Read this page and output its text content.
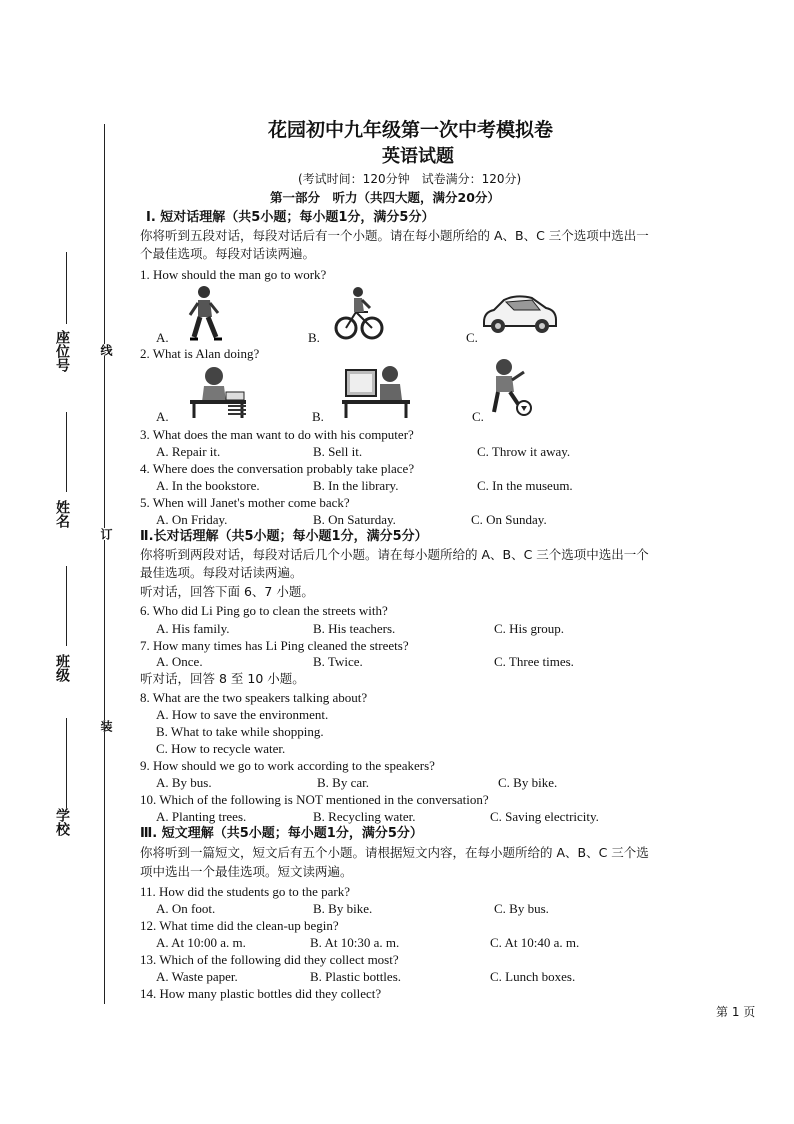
座位号
姓名
班级
学校
线
订
装
花园初中九年级第一次中考模拟卷
英语试题
(考试时间：120分钟　试卷满分：120分)
第一部分　听力（共四大题，满分20分）
Ⅰ. 短对话理解（共5小题；每小题1分，满分5分）
你将听到五段对话，每段对话后有一个小题。请在每小题所给的 A、B、C 三个选项中选出一
个最佳选项。每段对话读两遍。
1. How should the man go to work?
A.	B.	C.
2. What is Alan doing?
A.	B.	C.
3. What does the man want to do with his computer?
A. Repair it.	B. Sell it.	C. Throw it away.
4. Where does the conversation probably take place?
A. In the bookstore.	B. In the library.	C. In the museum.
5. When will Janet's mother come back?
A. On Friday.	B. On Saturday.	C. On Sunday.
Ⅱ.长对话理解（共5小题；每小题1分，满分5分）
你将听到两段对话，每段对话后几个小题。请在每小题所给的 A、B、C 三个选项中选出一个
最佳选项。每段对话读两遍。
听对话，回答下面 6、7 小题。
6. Who did Li Ping go to clean the streets with?
A. His family.	B. His teachers.	C. His group.
7. How many times has Li Ping cleaned the streets?
A. Once.	B. Twice.	C. Three times.
听对话，回答 8 至 10 小题。
8. What are the two speakers talking about?
A. How to save the environment.
B. What to take while shopping.
C. How to recycle water.
9. How should we go to work according to the speakers?
A. By bus.	B. By car.	C. By bike.
10. Which of the following is NOT mentioned in the conversation?
A. Planting trees.	B. Recycling water.	C. Saving electricity.
Ⅲ. 短文理解（共5小题；每小题1分，满分5分）
你将听到一篇短文，短文后有五个小题。请根据短文内容，在每小题所给的 A、B、C 三个选
项中选出一个最佳选项。短文读两遍。
11. How did the students go to the park?
A. On foot.	B. By bike.	C. By bus.
12. What time did the clean-up begin?
A. At 10:00 a. m.	B. At 10:30 a. m.	C. At 10:40 a. m.
13. Which of the following did they collect most?
A. Waste paper.	B. Plastic bottles.	C. Lunch boxes.
14. How many plastic bottles did they collect?
第 1 页
